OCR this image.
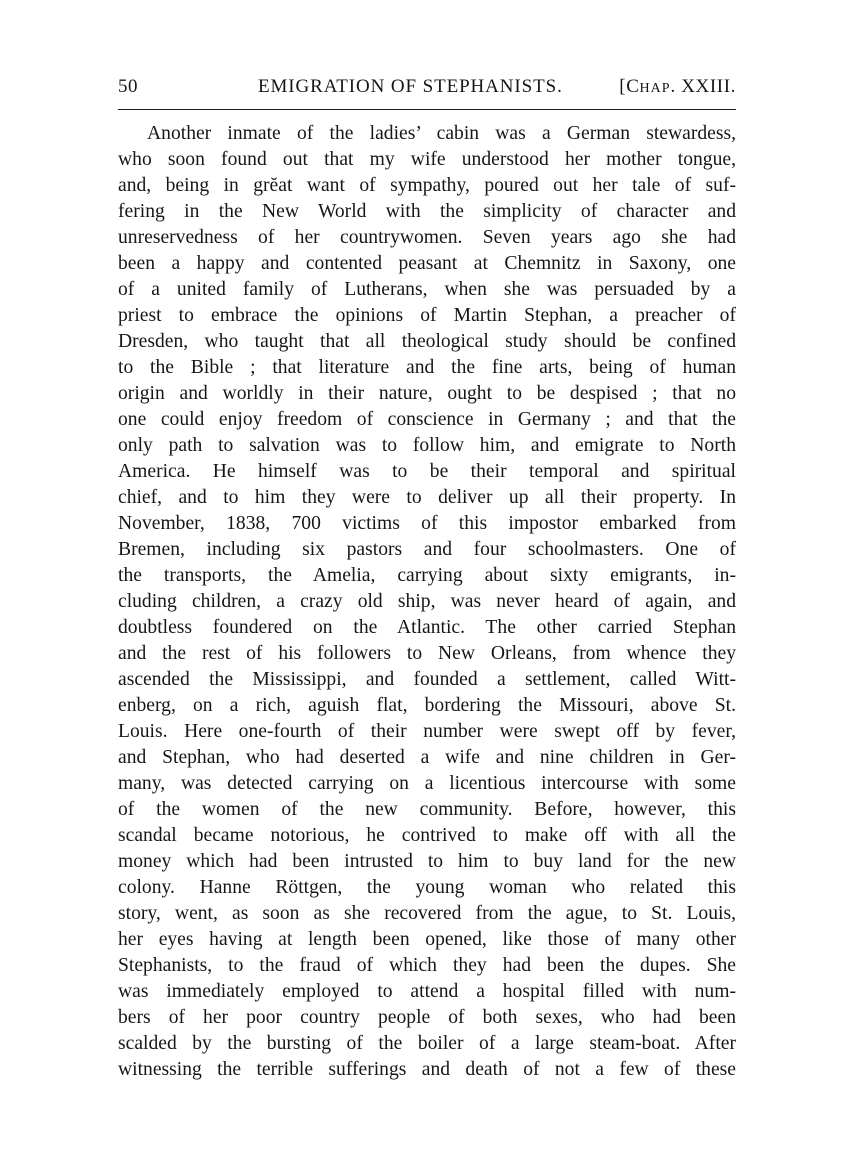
50	EMIGRATION OF STEPHANISTS.	[CHAP. XXIII.
Another inmate of the ladies’ cabin was a German stewardess,
who soon found out that my wife understood her mother tongue,
and, being in grĕat want of sympathy, poured out her tale of suf-
fering in the New World with the simplicity of character and
unreservedness of her countrywomen. Seven years ago she had
been a happy and contented peasant at Chemnitz in Saxony, one
of a united family of Lutherans, when she was persuaded by a
priest to embrace the opinions of Martin Stephan, a preacher of
Dresden, who taught that all theological study should be confined
to the Bible ; that literature and the fine arts, being of human
origin and worldly in their nature, ought to be despised ; that no
one could enjoy freedom of conscience in Germany ; and that the
only path to salvation was to follow him, and emigrate to North
America. He himself was to be their temporal and spiritual
chief, and to him they were to deliver up all their property. In
November, 1838, 700 victims of this impostor embarked from
Bremen, including six pastors and four schoolmasters. One of
the transports, the Amelia, carrying about sixty emigrants, in-
cluding children, a crazy old ship, was never heard of again, and
doubtless foundered on the Atlantic. The other carried Stephan
and the rest of his followers to New Orleans, from whence they
ascended the Mississippi, and founded a settlement, called Witt-
enberg, on a rich, aguish flat, bordering the Missouri, above St.
Louis. Here one-fourth of their number were swept off by fever,
and Stephan, who had deserted a wife and nine children in Ger-
many, was detected carrying on a licentious intercourse with some
of the women of the new community. Before, however, this
scandal became notorious, he contrived to make off with all the
money which had been intrusted to him to buy land for the new
colony. Hanne Röttgen, the young woman who related this
story, went, as soon as she recovered from the ague, to St. Louis,
her eyes having at length been opened, like those of many other
Stephanists, to the fraud of which they had been the dupes. She
was immediately employed to attend a hospital filled with num-
bers of her poor country people of both sexes, who had been
scalded by the bursting of the boiler of a large steam-boat. After
witnessing the terrible sufferings and death of not a few of these
